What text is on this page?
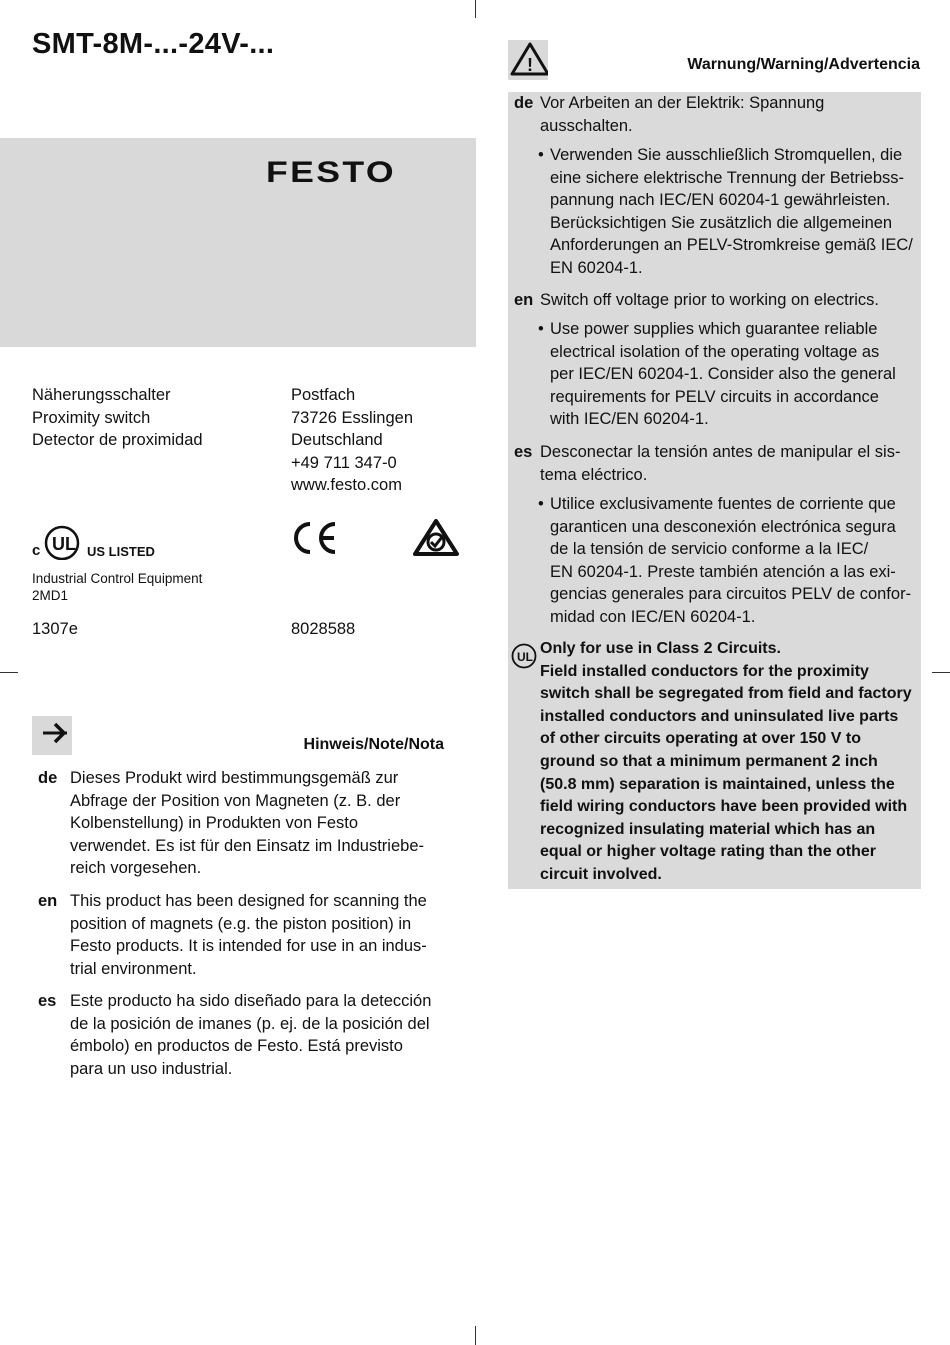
SMT-8M-...-24V-...
FESTO
Näherungsschalter
Proximity switch
Detector de proximidad
Postfach
73726 Esslingen
Deutschland
+49 711 347-0
www.festo.com
c UL US LISTED
Industrial Control Equipment
2MD1
1307e	8028588
Hinweis/Note/Nota
de Dieses Produkt wird bestimmungsgemäß zur
Abfrage der Position von Magneten (z. B. der
Kolbenstellung) in Produkten von Festo
verwendet. Es ist für den Einsatz im Industriebe-
reich vorgesehen.
en This product has been designed for scanning the
position of magnets (e.g. the piston position) in
Festo products. It is intended for use in an indus-
trial environment.
es Este producto ha sido diseñado para la detección
de la posición de imanes (p. ej. de la posición del
émbolo) en productos de Festo. Está previsto
para un uso industrial.
!	Warnung/Warning/Advertencia
de Vor Arbeiten an der Elektrik: Spannung
ausschalten.
• Verwenden Sie ausschließlich Stromquellen, die
eine sichere elektrische Trennung der Betriebss-
pannung nach IEC/EN 60204-1 gewährleisten.
Berücksichtigen Sie zusätzlich die allgemeinen
Anforderungen an PELV-Stromkreise gemäß IEC/
EN 60204-1.
en Switch off voltage prior to working on electrics.
• Use power supplies which guarantee reliable
electrical isolation of the operating voltage as
per IEC/EN 60204-1. Consider also the general
requirements for PELV circuits in accordance
with IEC/EN 60204-1.
es Desconectar la tensión antes de manipular el sis-
tema eléctrico.
• Utilice exclusivamente fuentes de corriente que
garanticen una desconexión electrónica segura
de la tensión de servicio conforme a la IEC/
EN 60204-1. Preste también atención a las exi-
gencias generales para circuitos PELV de confor-
midad con IEC/EN 60204-1.
UL Only for use in Class 2 Circuits.
Field installed conductors for the proximity
switch shall be segregated from field and factory
installed conductors and uninsulated live parts
of other circuits operating at over 150 V to
ground so that a minimum permanent 2 inch
(50.8 mm) separation is maintained, unless the
field wiring conductors have been provided with
recognized insulating material which has an
equal or higher voltage rating than the other
circuit involved.
